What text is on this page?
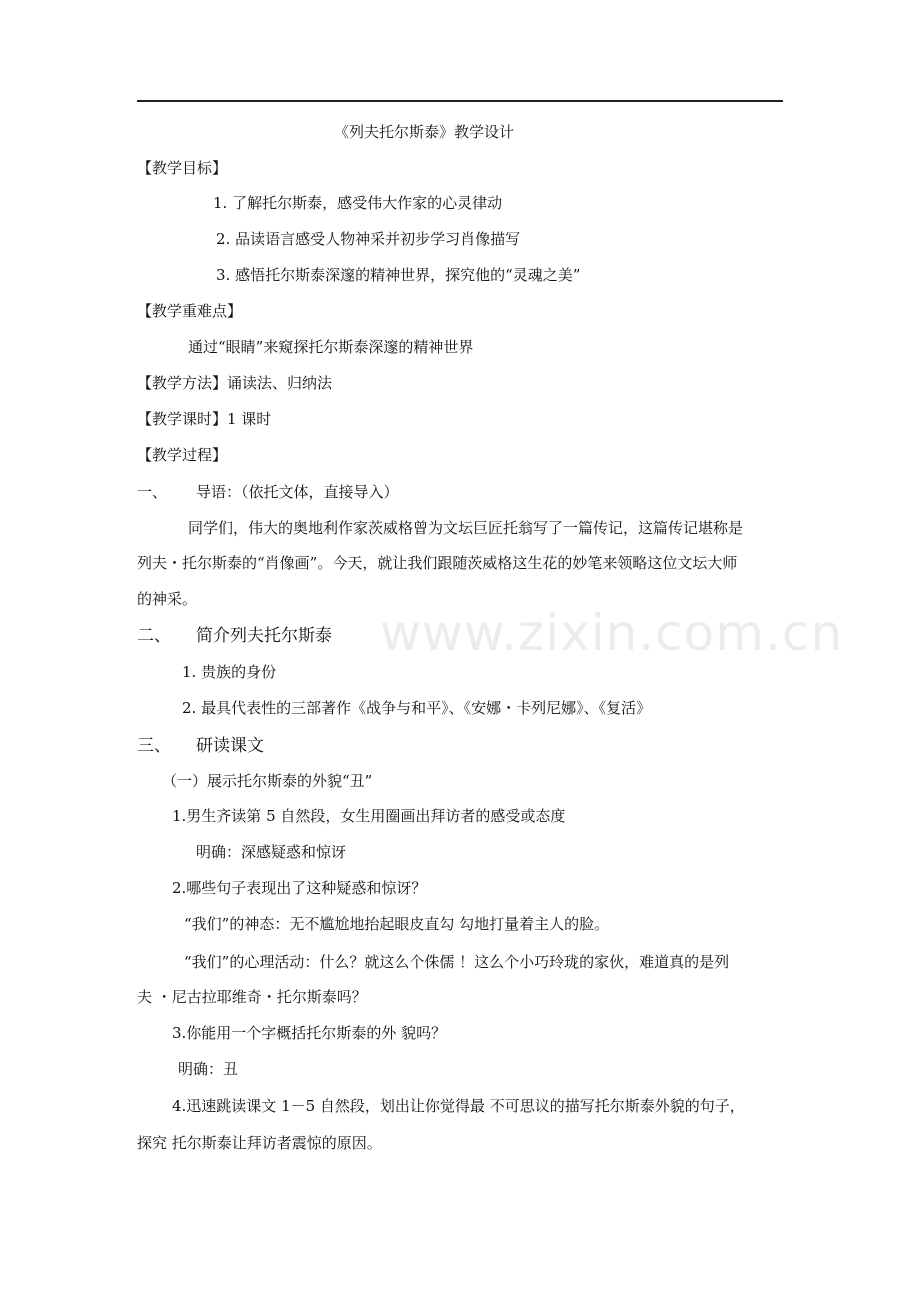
《列夫托尔斯泰》教学设计
【教学目标】
1. 了解托尔斯泰，感受伟大作家的心灵律动
2. 品读语言感受人物神采并初步学习肖像描写
3. 感悟托尔斯泰深邃的精神世界，探究他的“灵魂之美”
【教学重难点】
通过“眼睛”来窥探托尔斯泰深邃的精神世界
【教学方法】诵读法、归纳法
【教学课时】1 课时
【教学过程】
一、 导语：（依托文体，直接导入）
同学们，伟大的奥地利作家茨威格曾为文坛巨匠托翁写了一篇传记，这篇传记堪称是
列夫・托尔斯泰的“肖像画”。今天，就让我们跟随茨威格这生花的妙笔来领略这位文坛大师
的神采。
www.zixin.com.cn
二、 简介列夫托尔斯泰
1. 贵族的身份
2. 最具代表性的三部著作《战争与和平》、《安娜・卡列尼娜》、《复活》
三、 研读课文
（一）展示托尔斯泰的外貌“丑”
1.男生齐读第 5 自然段，女生用圈画出拜访者的感受或态度
明确：深感疑惑和惊讶
2.哪些句子表现出了这种疑惑和惊讶？
“我们”的神态：无不尴尬地抬起眼皮直勾 勾地打量着主人的脸。
“我们”的心理活动：什么？就这么个侏儒 ！这么个小巧玲珑的家伙，难道真的是列
夫 ・尼古拉耶维奇・托尔斯泰吗？
3.你能用一个字概括托尔斯泰的外 貌吗？
明确：丑
4.迅速跳读课文 1－5 自然段，划出让你觉得最 不可思议的描写托尔斯泰外貌的句子，
探究 托尔斯泰让拜访者震惊的原因。
